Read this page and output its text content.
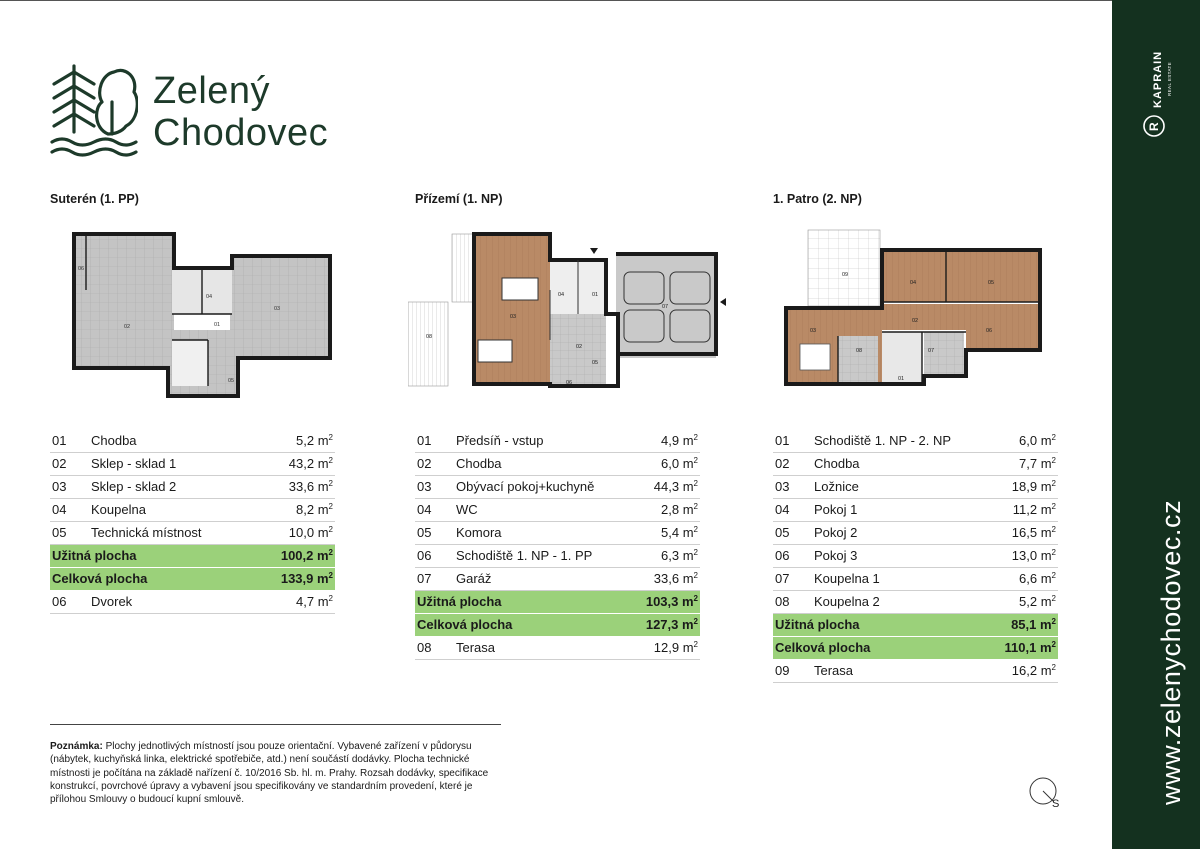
Zelený
Chodovec
Suterén (1. PP)
06
02
04
01
03
05
01 Chodba	5,2 $m^2$
02 Sklep - sklad 1	43,2 $m^2$
03 Sklep - sklad 2	33,6 $m^2$
04 Koupelna	8,2 $m^2$
05 Technická místnost	10,0 $m^2$
Užitná plocha	100,2 $m^2$
Celková plocha	133,9 $m^2$
06 Dvorek	4,7 $m^2$
Přízemí (1. NP)
08
03
04	01
02
05
06
07
01 Předsíň - vstup	4,9 $m^2$
02 Chodba	6,0 $m^2$
03 Obývací pokoj+kuchyně	44,3 $m^2$
04 WC	2,8 $m^2$
05 Komora	5,4 $m^2$
06 Schodiště 1. NP - 1. PP	6,3 $m^2$
07 Garáž	33,6 $m^2$
Užitná plocha	103,3 $m^2$
Celková plocha	127,3 $m^2$
08 Terasa	12,9 $m^2$
1. Patro (2. NP)
09
04	05
03
02
06
08	07
01
01 Schodiště 1. NP - 2. NP	6,0 $m^2$
02 Chodba	7,7 $m^2$
03 Ložnice	18,9 $m^2$
04 Pokoj 1	11,2 $m^2$
05 Pokoj 2	16,5 $m^2$
06 Pokoj 3	13,0 $m^2$
07 Koupelna 1	6,6 $m^2$
08 Koupelna 2	5,2 $m^2$
Užitná plocha	85,1 $m^2$
Celková plocha	110,1 $m^2$
09 Terasa	16,2 $m^2$
Poznámka: Plochy jednotlivých místností jsou pouze orientační. Vybavené zařízení v půdorysu (nábytek, kuchyňská linka, elektrické spotřebiče, atd.) není součástí dodávky. Plocha technické místnosti je počítána na základě nařízení č. 10/2016 Sb. hl. m. Prahy. Rozsah dodávky, specifikace konstrukcí, povrchové úpravy a vybavení jsou specifikovány ve standardním provedení, které je přílohou Smlouvy o budoucí kupní smlouvě.	S
KAPRAIN REAL ESTATE
R
www.zelenychodovec.cz
